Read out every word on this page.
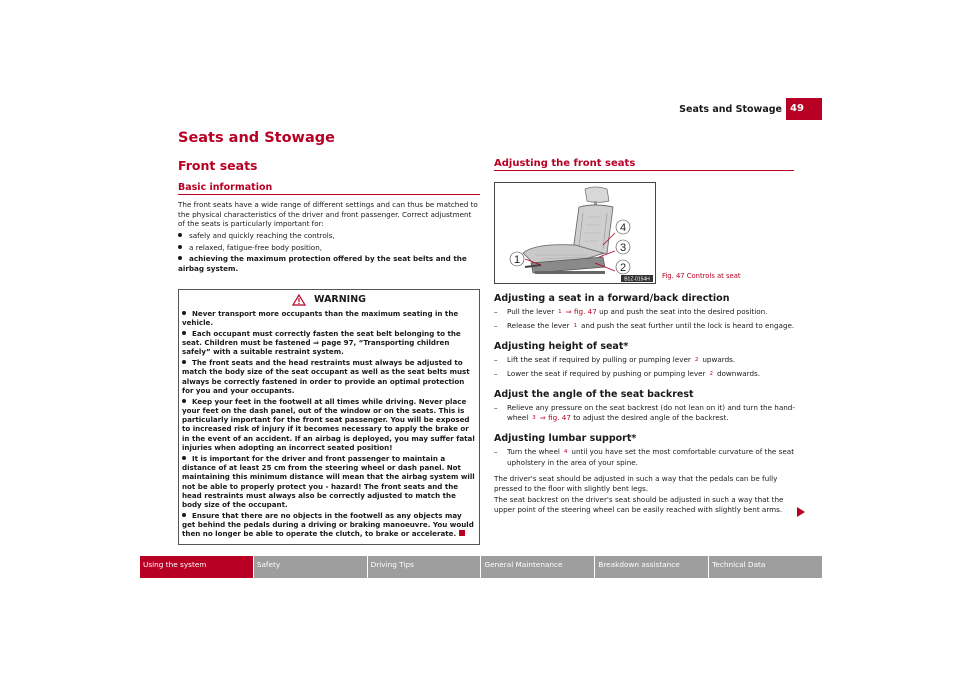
Seats and Stowage 49
Seats and Stowage
Front seats
Basic information

The front seats have a wide range of different settings and can thus be matched to the physical characteristics of the driver and front passenger. Correct adjustment of the seats is particularly important for:

safely and quickly reaching the controls,
a relaxed, fatigue-free body position,
achieving the maximum protection offered by the seat belts and the airbag system.
WARNING
Never transport more occupants than the maximum seating in the vehicle.
Each occupant must correctly fasten the seat belt belonging to the seat. Children must be fastened ⇒ page 97, “Transporting children safely” with a suitable restraint system.
The front seats and the head restraints must always be adjusted to match the body size of the seat occupant as well as the seat belts must always be correctly fastened in order to provide an optimal protection for you and your occupants.
Keep your feet in the footwell at all times while driving. Never place your feet on the dash panel, out of the window or on the seats. This is particularly important for the front seat passenger. You will be exposed to increased risk of injury if it becomes necessary to apply the brake or in the event of an accident. If an airbag is deployed, you may suffer fatal injuries when adopting an incorrect seated position!
It is important for the driver and front passenger to maintain a distance of at least 25 cm from the steering wheel or dash panel. Not maintaining this minimum distance will mean that the airbag system will not be able to properly protect you - hazard! The front seats and the head restraints must always also be correctly adjusted to match the body size of the occupant.
Ensure that there are no objects in the footwell as any objects may get behind the pedals during a driving or braking manoeuvre. You would then no longer be able to operate the clutch, to brake or accelerate.
Adjusting the front seats
1
4
3
2
B1Z-0154H Fig. 47 Controls at seat
Adjusting a seat in a forward/back direction
–	Pull the lever 1 ⇒ fig. 47 up and push the seat into the desired position.
–	Release the lever 1 and push the seat further until the lock is heard to engage.
Adjusting height of seat*
–	Lift the seat if required by pulling or pumping lever 2 upwards.
–	Lower the seat if required by pushing or pumping lever 2 downwards.
Adjust the angle of the seat backrest
–	Relieve any pressure on the seat backrest (do not lean on it) and turn the hand-wheel 3 ⇒ fig. 47 to adjust the desired angle of the backrest.
Adjusting lumbar support*
–	Turn the wheel 4 until you have set the most comfortable curvature of the seat upholstery in the area of your spine.

The driver's seat should be adjusted in such a way that the pedals can be fully pressed to the floor with slightly bent legs.

The seat backrest on the driver's seat should be adjusted in such a way that the upper point of the steering wheel can be easily reached with slightly bent arms.

Using the system	Safety	Driving Tips	General Maintenance	Breakdown assistance	Technical Data
